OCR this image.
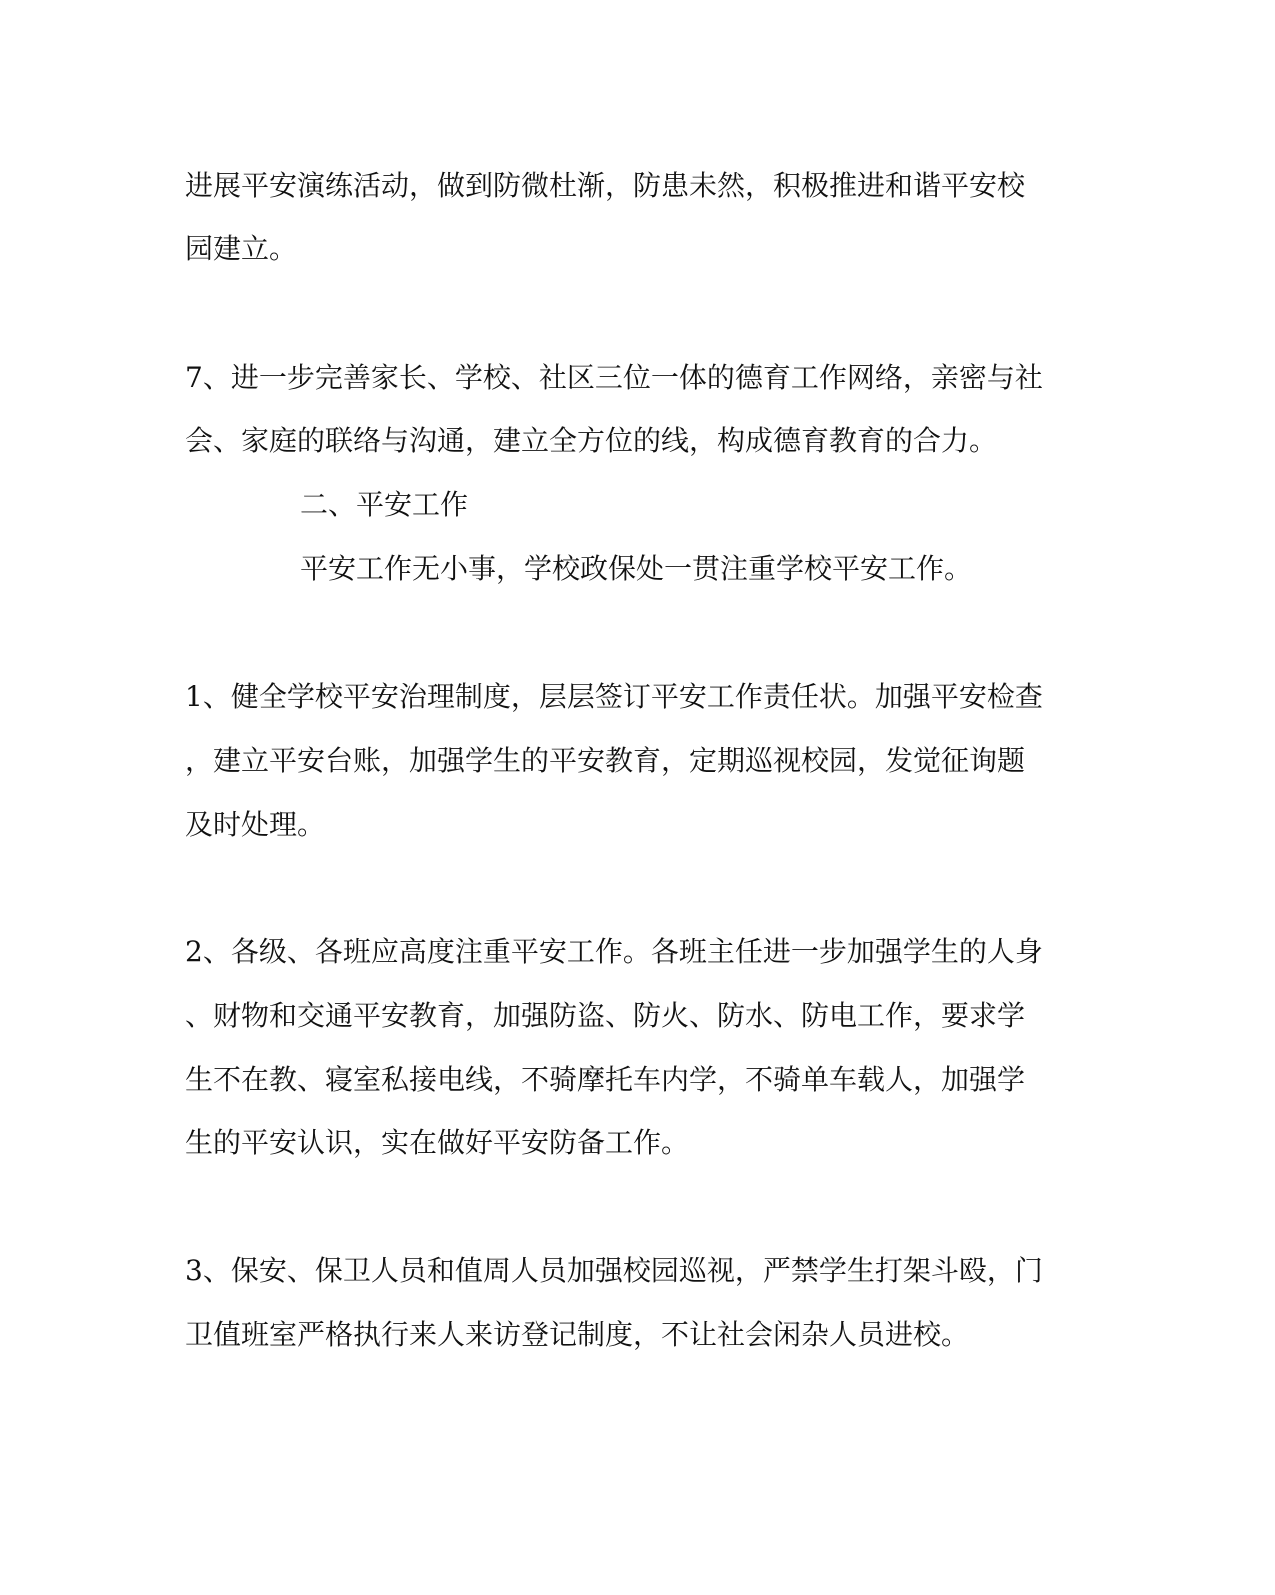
进展平安演练活动，做到防微杜渐，防患未然，积极推进和谐平安校
园建立。
7、进一步完善家长、学校、社区三位一体的德育工作网络，亲密与社
会、家庭的联络与沟通，建立全方位的线，构成德育教育的合力。
二、平安工作
平安工作无小事，学校政保处一贯注重学校平安工作。
1、健全学校平安治理制度，层层签订平安工作责任状。加强平安检查
，建立平安台账，加强学生的平安教育，定期巡视校园，发觉征询题
及时处理。
2、各级、各班应高度注重平安工作。各班主任进一步加强学生的人身
、财物和交通平安教育，加强防盗、防火、防水、防电工作，要求学
生不在教、寝室私接电线，不骑摩托车内学，不骑单车载人，加强学
生的平安认识，实在做好平安防备工作。
3、保安、保卫人员和值周人员加强校园巡视，严禁学生打架斗殴，门
卫值班室严格执行来人来访登记制度，不让社会闲杂人员进校。
